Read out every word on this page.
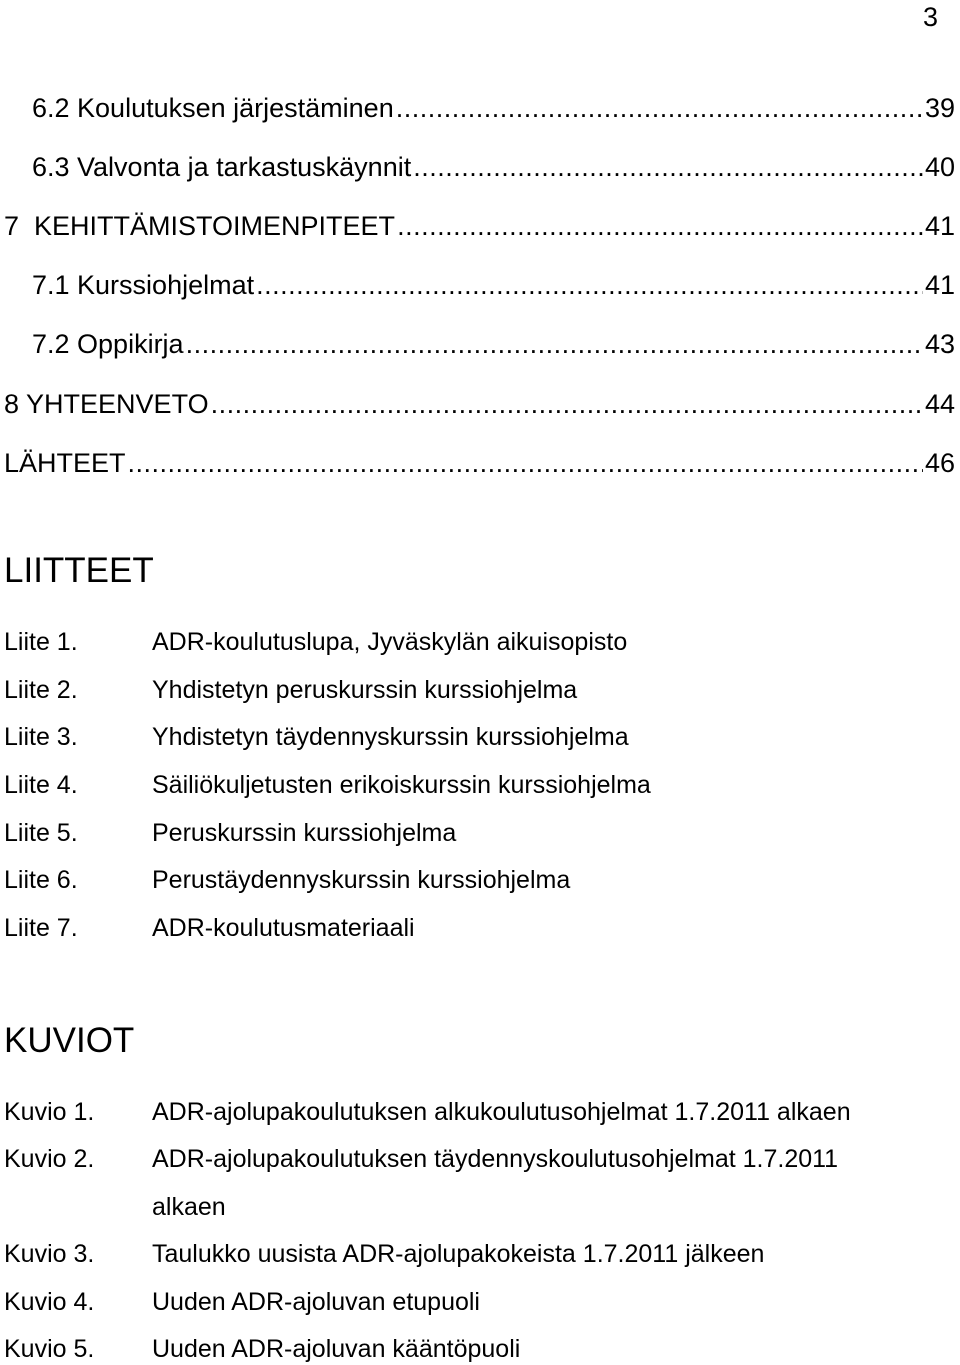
3
6.2 Koulutuksen järjestäminen .....	39
6.3 Valvonta ja tarkastuskäynnit .....	40
7  KEHITTÄMISTOIMENPITEET .....	41
7.1 Kurssiohjelmat .....	41
7.2 Oppikirja .....	43
8 YHTEENVETO .....	44
LÄHTEET .....	46
LIITTEET
Liite 1.	ADR-koulutuslupa, Jyväskylän aikuisopisto
Liite 2.	Yhdistetyn peruskurssin kurssiohjelma
Liite 3.	Yhdistetyn täydennyskurssin kurssiohjelma
Liite 4.	Säiliökuljetusten erikoiskurssin kurssiohjelma
Liite 5.	Peruskurssin kurssiohjelma
Liite 6.	Perustäydennyskurssin kurssiohjelma
Liite 7.	ADR-koulutusmateriaali
KUVIOT
Kuvio 1. ADR-ajolupakoulutuksen alkukoulutusohjelmat 1.7.2011 alkaen
Kuvio 2. ADR-ajolupakoulutuksen täydennyskoulutusohjelmat 1.7.2011
alkaen
Kuvio 3. Taulukko uusista ADR-ajolupakokeista 1.7.2011 jälkeen
Kuvio 4. Uuden ADR-ajoluvan etupuoli
Kuvio 5. Uuden ADR-ajoluvan kääntöpuoli
